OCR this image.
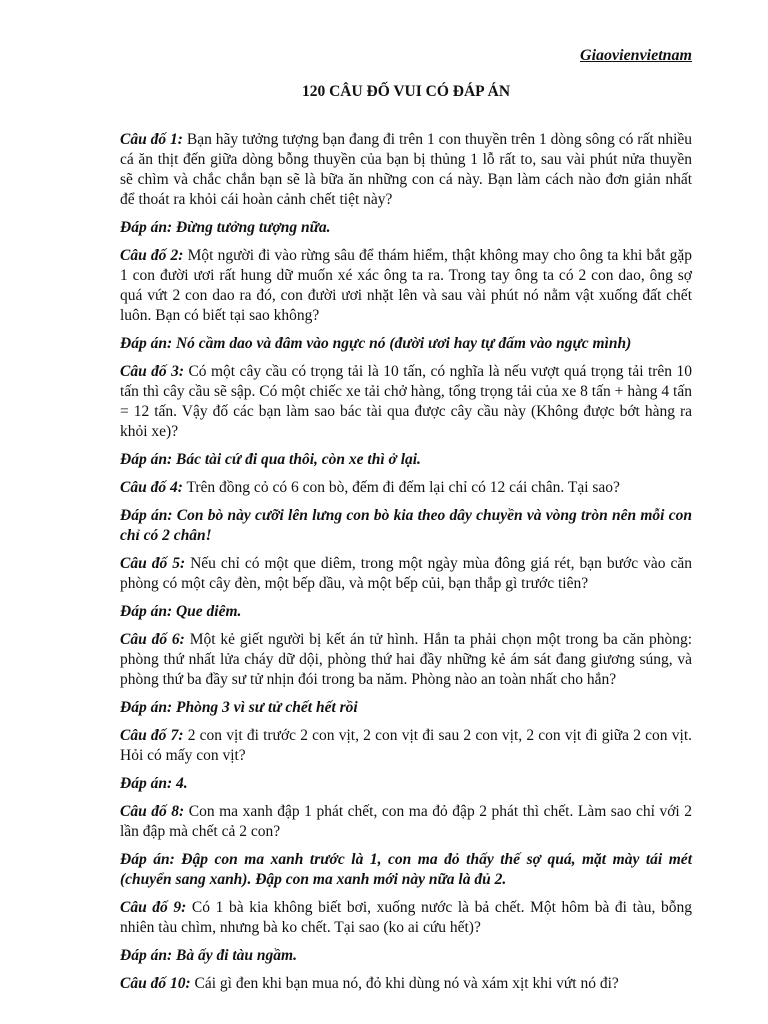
Giaovienvietnam

120 CÂU ĐỐ VUI CÓ ĐÁP ÁN

Câu đố 1: Bạn hãy tưởng tượng bạn đang đi trên 1 con thuyền trên 1 dòng sông có rất nhiều cá ăn thịt đến giữa dòng bỗng thuyền của bạn bị thủng 1 lỗ rất to, sau vài phút nửa thuyền sẽ chìm và chắc chắn bạn sẽ là bữa ăn những con cá này. Bạn làm cách nào đơn giản nhất để thoát ra khỏi cái hoàn cảnh chết tiệt này?

Đáp án: Đừng tưởng tượng nữa.

Câu đố 2: Một người đi vào rừng sâu để thám hiểm, thật không may cho ông ta khi bắt gặp 1 con đười ươi rất hung dữ muốn xé xác ông ta ra. Trong tay ông ta có 2 con dao, ông sợ quá vứt 2 con dao ra đó, con đười ươi nhặt lên và sau vài phút nó nằm vật xuống đất chết luôn. Bạn có biết tại sao không?

Đáp án: Nó cầm dao và đâm vào ngực nó (đười ươi hay tự đấm vào ngực mình)

Câu đố 3: Có một cây cầu có trọng tải là 10 tấn, có nghĩa là nếu vượt quá trọng tải trên 10 tấn thì cây cầu sẽ sập. Có một chiếc xe tải chở hàng, tổng trọng tải của xe 8 tấn + hàng 4 tấn = 12 tấn. Vậy đố các bạn làm sao bác tài qua được cây cầu này (Không được bớt hàng ra khỏi xe)?

Đáp án: Bác tài cứ đi qua thôi, còn xe thì ở lại.

Câu đố 4: Trên đồng cỏ có 6 con bò, đếm đi đếm lại chỉ có 12 cái chân. Tại sao?

Đáp án: Con bò này cưỡi lên lưng con bò kia theo dây chuyền và vòng tròn nên mỗi con chỉ có 2 chân!

Câu đố 5: Nếu chỉ có một que diêm, trong một ngày mùa đông giá rét, bạn bước vào căn phòng có một cây đèn, một bếp dầu, và một bếp củi, bạn thắp gì trước tiên?

Đáp án: Que diêm.

Câu đố 6: Một kẻ giết người bị kết án tử hình. Hắn ta phải chọn một trong ba căn phòng: phòng thứ nhất lửa cháy dữ dội, phòng thứ hai đầy những kẻ ám sát đang giương súng, và phòng thứ ba đầy sư tử nhịn đói trong ba năm. Phòng nào an toàn nhất cho hắn?

Đáp án: Phòng 3 vì sư tử chết hết rồi

Câu đố 7: 2 con vịt đi trước 2 con vịt, 2 con vịt đi sau 2 con vịt, 2 con vịt đi giữa 2 con vịt. Hỏi có mấy con vịt?

Đáp án: 4.

Câu đố 8: Con ma xanh đập 1 phát chết, con ma đỏ đập 2 phát thì chết. Làm sao chỉ với 2 lần đập mà chết cả 2 con?

Đáp án: Đập con ma xanh trước là 1, con ma đỏ thấy thế sợ quá, mặt mày tái mét (chuyển sang xanh). Đập con ma xanh mới này nữa là đủ 2.

Câu đố 9: Có 1 bà kia không biết bơi, xuống nước là bả chết. Một hôm bà đi tàu, bỗng nhiên tàu chìm, nhưng bà ko chết. Tại sao (ko ai cứu hết)?

Đáp án: Bà ấy đi tàu ngầm.

Câu đố 10: Cái gì đen khi bạn mua nó, đỏ khi dùng nó và xám xịt khi vứt nó đi?
